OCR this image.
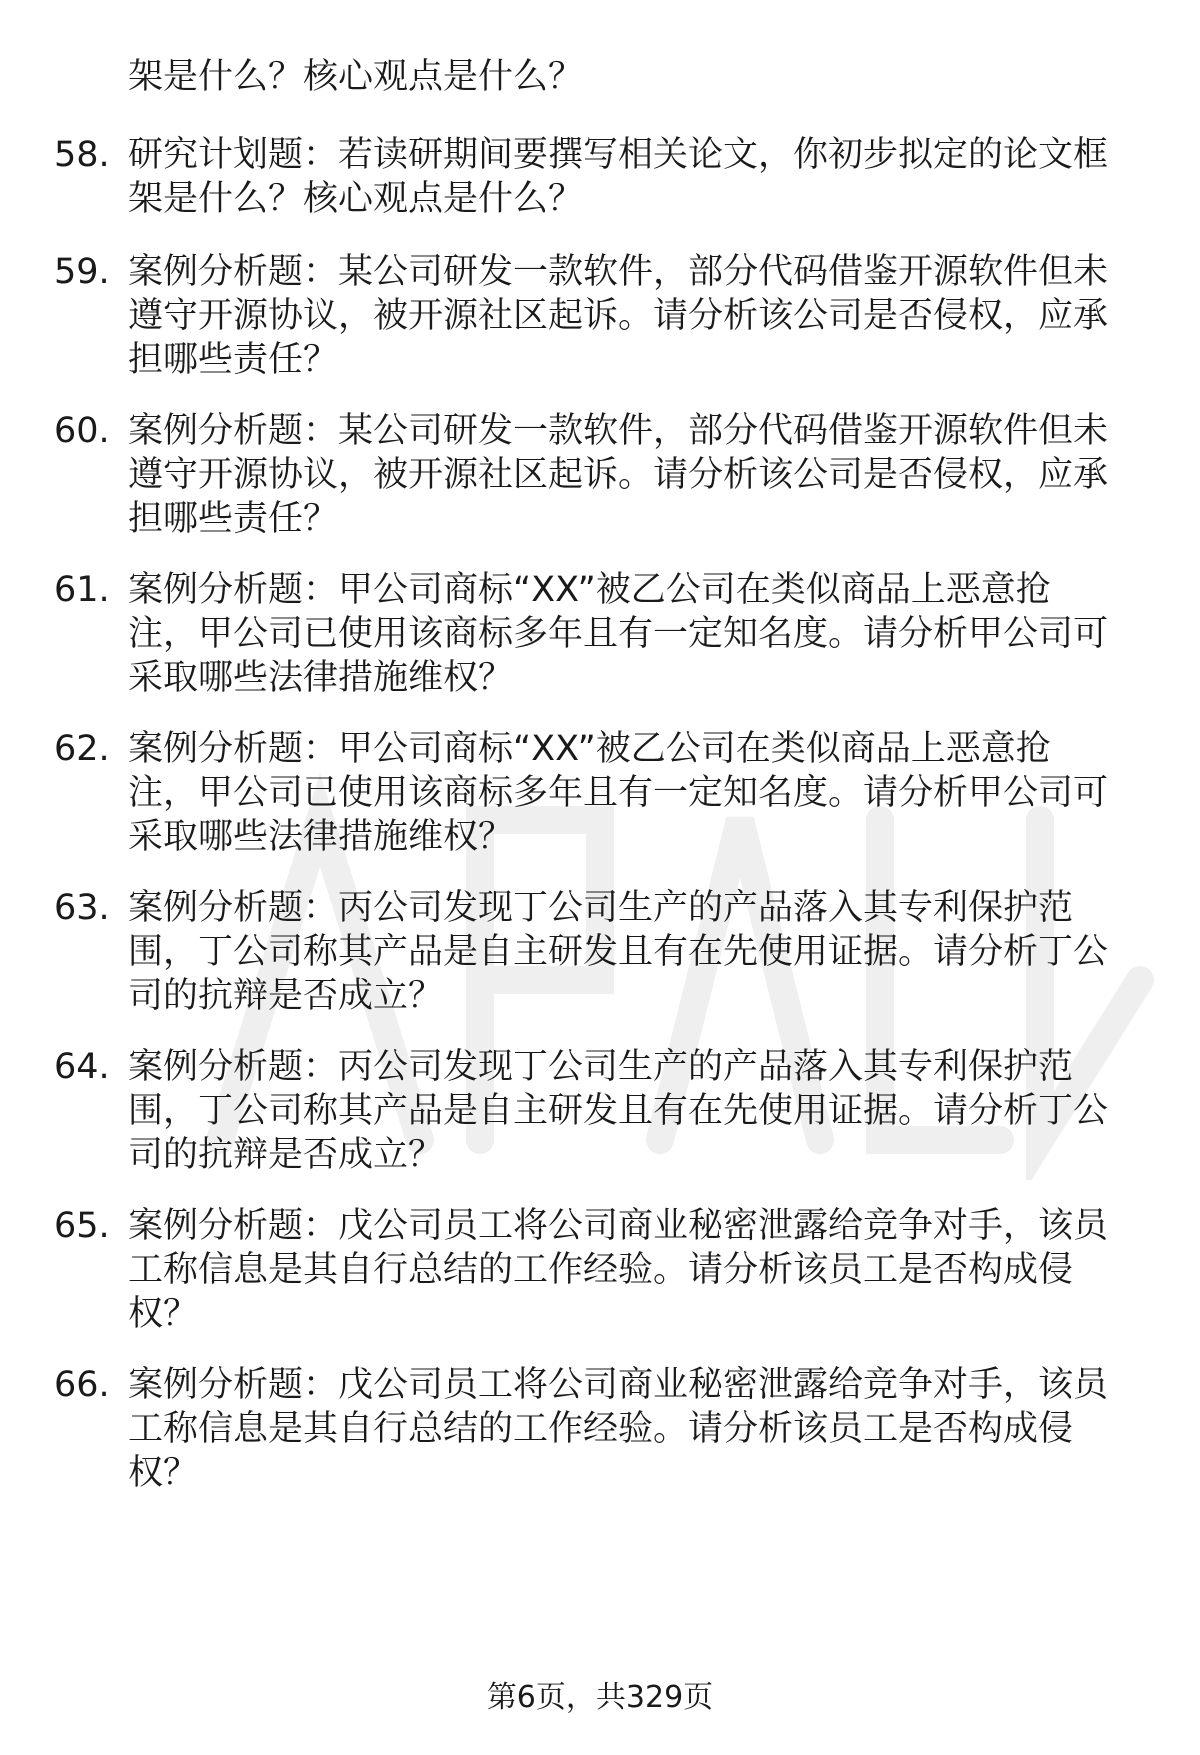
架是什么？核心观点是什么？
58. 研究计划题：若读研期间要撰写相关论文，你初步拟定的论文框
架是什么？核心观点是什么？
59. 案例分析题：某公司研发一款软件，部分代码借鉴开源软件但未
遵守开源协议，被开源社区起诉。请分析该公司是否侵权，应承
担哪些责任？
60. 案例分析题：某公司研发一款软件，部分代码借鉴开源软件但未
遵守开源协议，被开源社区起诉。请分析该公司是否侵权，应承
担哪些责任？
61. 案例分析题：甲公司商标“XX”被乙公司在类似商品上恶意抢
注，甲公司已使用该商标多年且有一定知名度。请分析甲公司可
采取哪些法律措施维权？
62. 案例分析题：甲公司商标“XX”被乙公司在类似商品上恶意抢
注，甲公司已使用该商标多年且有一定知名度。请分析甲公司可
采取哪些法律措施维权？
63. 案例分析题：丙公司发现丁公司生产的产品落入其专利保护范
围，丁公司称其产品是自主研发且有在先使用证据。请分析丁公
司的抗辩是否成立？
64. 案例分析题：丙公司发现丁公司生产的产品落入其专利保护范
围，丁公司称其产品是自主研发且有在先使用证据。请分析丁公
司的抗辩是否成立？
65. 案例分析题：戊公司员工将公司商业秘密泄露给竞争对手，该员
工称信息是其自行总结的工作经验。请分析该员工是否构成侵
权？
66. 案例分析题：戊公司员工将公司商业秘密泄露给竞争对手，该员
工称信息是其自行总结的工作经验。请分析该员工是否构成侵
权？
第6页，共329页
